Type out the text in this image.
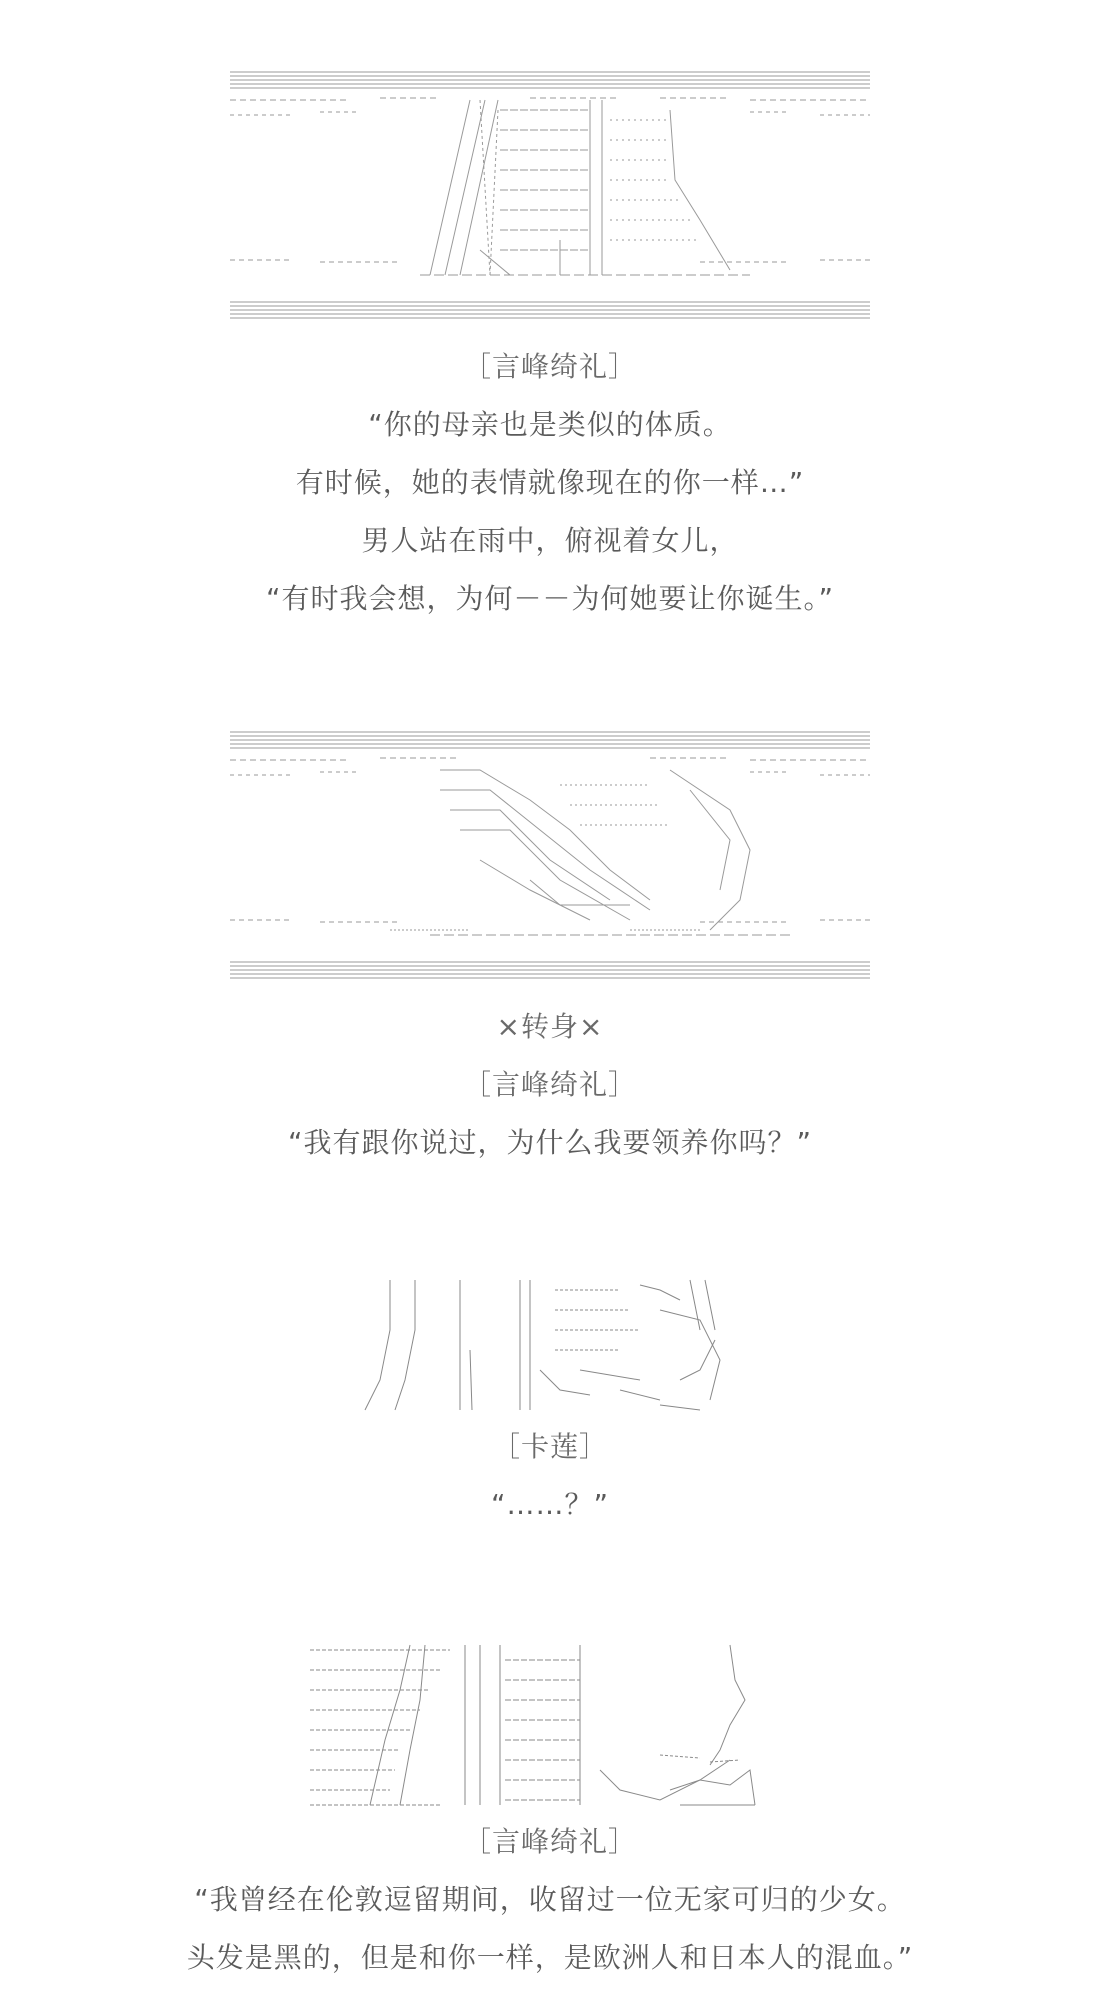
［言峰绮礼］
“你的母亲也是类似的体质。
有时候，她的表情就像现在的你一样…”
男人站在雨中，俯视着女儿，
“有时我会想，为何－－为何她要让你诞生。”
×转身×
［言峰绮礼］
“我有跟你说过，为什么我要领养你吗？”
［卡莲］
“……？”
［言峰绮礼］
“我曾经在伦敦逗留期间，收留过一位无家可归的少女。
头发是黑的，但是和你一样，是欧洲人和日本人的混血。”
